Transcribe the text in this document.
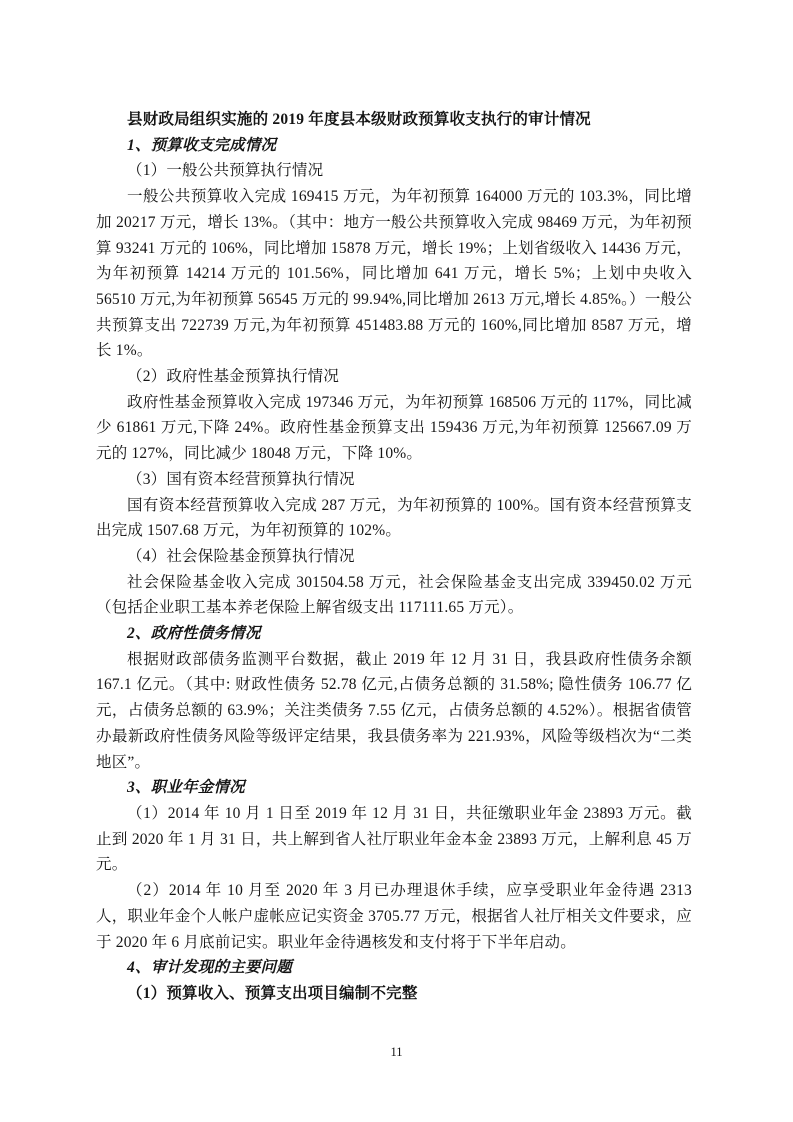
县财政局组织实施的 2019 年度县本级财政预算收支执行的审计情况

1、预算收支完成情况

（1）一般公共预算执行情况

一般公共预算收入完成 169415 万元，为年初预算 164000 万元的 103.3%，同比增加 20217 万元，增长 13%。（其中：地方一般公共预算收入完成 98469 万元，为年初预算 93241 万元的 106%，同比增加 15878 万元，增长 19%；上划省级收入 14436 万元，为年初预算 14214 万元的 101.56%，同比增加 641 万元，增长 5%；上划中央收入 56510 万元,为年初预算 56545 万元的 99.94%,同比增加 2613 万元,增长 4.85%。）一般公共预算支出 722739 万元,为年初预算 451483.88 万元的 160%,同比增加 8587 万元，增长 1%。

（2）政府性基金预算执行情况

政府性基金预算收入完成 197346 万元，为年初预算 168506 万元的 117%，同比减少 61861 万元,下降 24%。政府性基金预算支出 159436 万元,为年初预算 125667.09 万元的 127%，同比减少 18048 万元，下降 10%。

（3）国有资本经营预算执行情况

国有资本经营预算收入完成 287 万元，为年初预算的 100%。国有资本经营预算支出完成 1507.68 万元，为年初预算的 102%。

（4）社会保险基金预算执行情况

社会保险基金收入完成 301504.58 万元，社会保险基金支出完成 339450.02 万元（包括企业职工基本养老保险上解省级支出 117111.65 万元）。

2、政府性债务情况

根据财政部债务监测平台数据，截止 2019 年 12 月 31 日，我县政府性债务余额 167.1 亿元。（其中: 财政性债务 52.78 亿元,占债务总额的 31.58%; 隐性债务 106.77 亿元，占债务总额的 63.9%；关注类债务 7.55 亿元，占债务总额的 4.52%）。根据省债管办最新政府性债务风险等级评定结果，我县债务率为 221.93%，风险等级档次为“二类地区”。

3、职业年金情况

（1）2014 年 10 月 1 日至 2019 年 12 月 31 日，共征缴职业年金 23893 万元。截止到 2020 年 1 月 31 日，共上解到省人社厅职业年金本金 23893 万元，上解利息 45 万元。

（2）2014 年 10 月至 2020 年 3 月已办理退休手续，应享受职业年金待遇 2313 人，职业年金个人帐户虚帐应记实资金 3705.77 万元，根据省人社厅相关文件要求，应于 2020 年 6 月底前记实。职业年金待遇核发和支付将于下半年启动。

4、审计发现的主要问题

（1）预算收入、预算支出项目编制不完整

11
